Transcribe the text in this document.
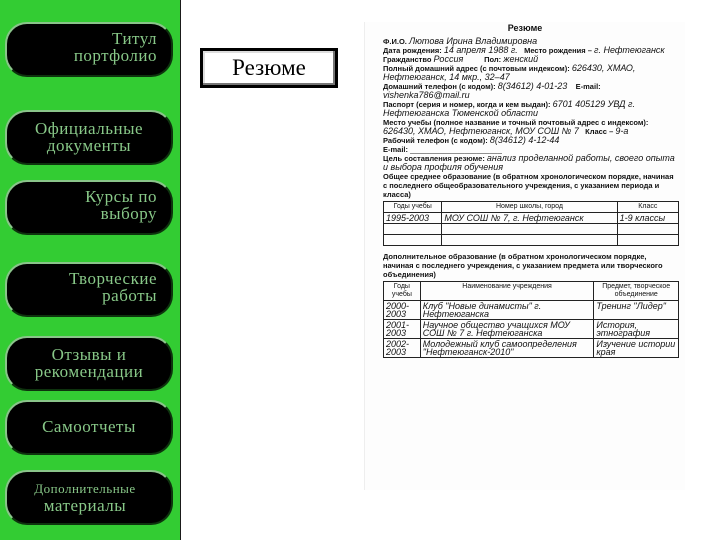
Титул
портфолио
Официальные
документы
Курсы по
выбору
Творческие
работы
Отзывы и
рекомендации
Самоотчеты
Дополнительные
материалы
Резюме
Резюме
Ф.И.О. Лютова Ирина Владимировна
Дата рождения: 14 апреля 1988 г. Место рождения – г. Нефтеюганск
Гражданство Россия	Пол: женский
Полный домашний адрес (с почтовым индексом): 626430, ХМАО, Нефтеюганск, 14 мкр., 32–47
Домашний телефон (с кодом): 8(34612) 4-01-23 E-mail: vishenka786@mail.ru
Паспорт (серия и номер, когда и кем выдан): 6701 405129 УВД г. Нефтеюганска Тюменской области
Место учебы (полное название и точный почтовый адрес с индексом): 626430, ХМАО, Нефтеюганск, МОУ СОШ № 7 Класс – 9-а
Рабочий телефон (с кодом): 8(34612) 4-12-44
E-mail: ______________________
Цель составления резюме: анализ проделанной работы, своего опыта и выбора профиля обучения
Общее среднее образование (в обратном хронологическом порядке, начиная с последнего общеобразовательного учреждения, с указанием периода и класса)
Годы учебы	Номер школы, город	Класс
1995-2003	МОУ СОШ № 7, г. Нефтеюганск	1-9 классы

Дополнительное образование (в обратном хронологическом порядке, начиная с последнего учреждения, с указанием предмета или творческого объединения)
Годы учебы	Наименование учреждения	Предмет, творческое объединение
2000-2003	Клуб "Новые динамисты" г. Нефтеюганска	Тренинг "Лидер"
2001-2003	Научное общество учащихся МОУ СОШ № 7 г. Нефтеюганска	История, этнография
2002-2003	Молодежный клуб самоопределения "Нефтеюганск-2010"	Изучение истории края
